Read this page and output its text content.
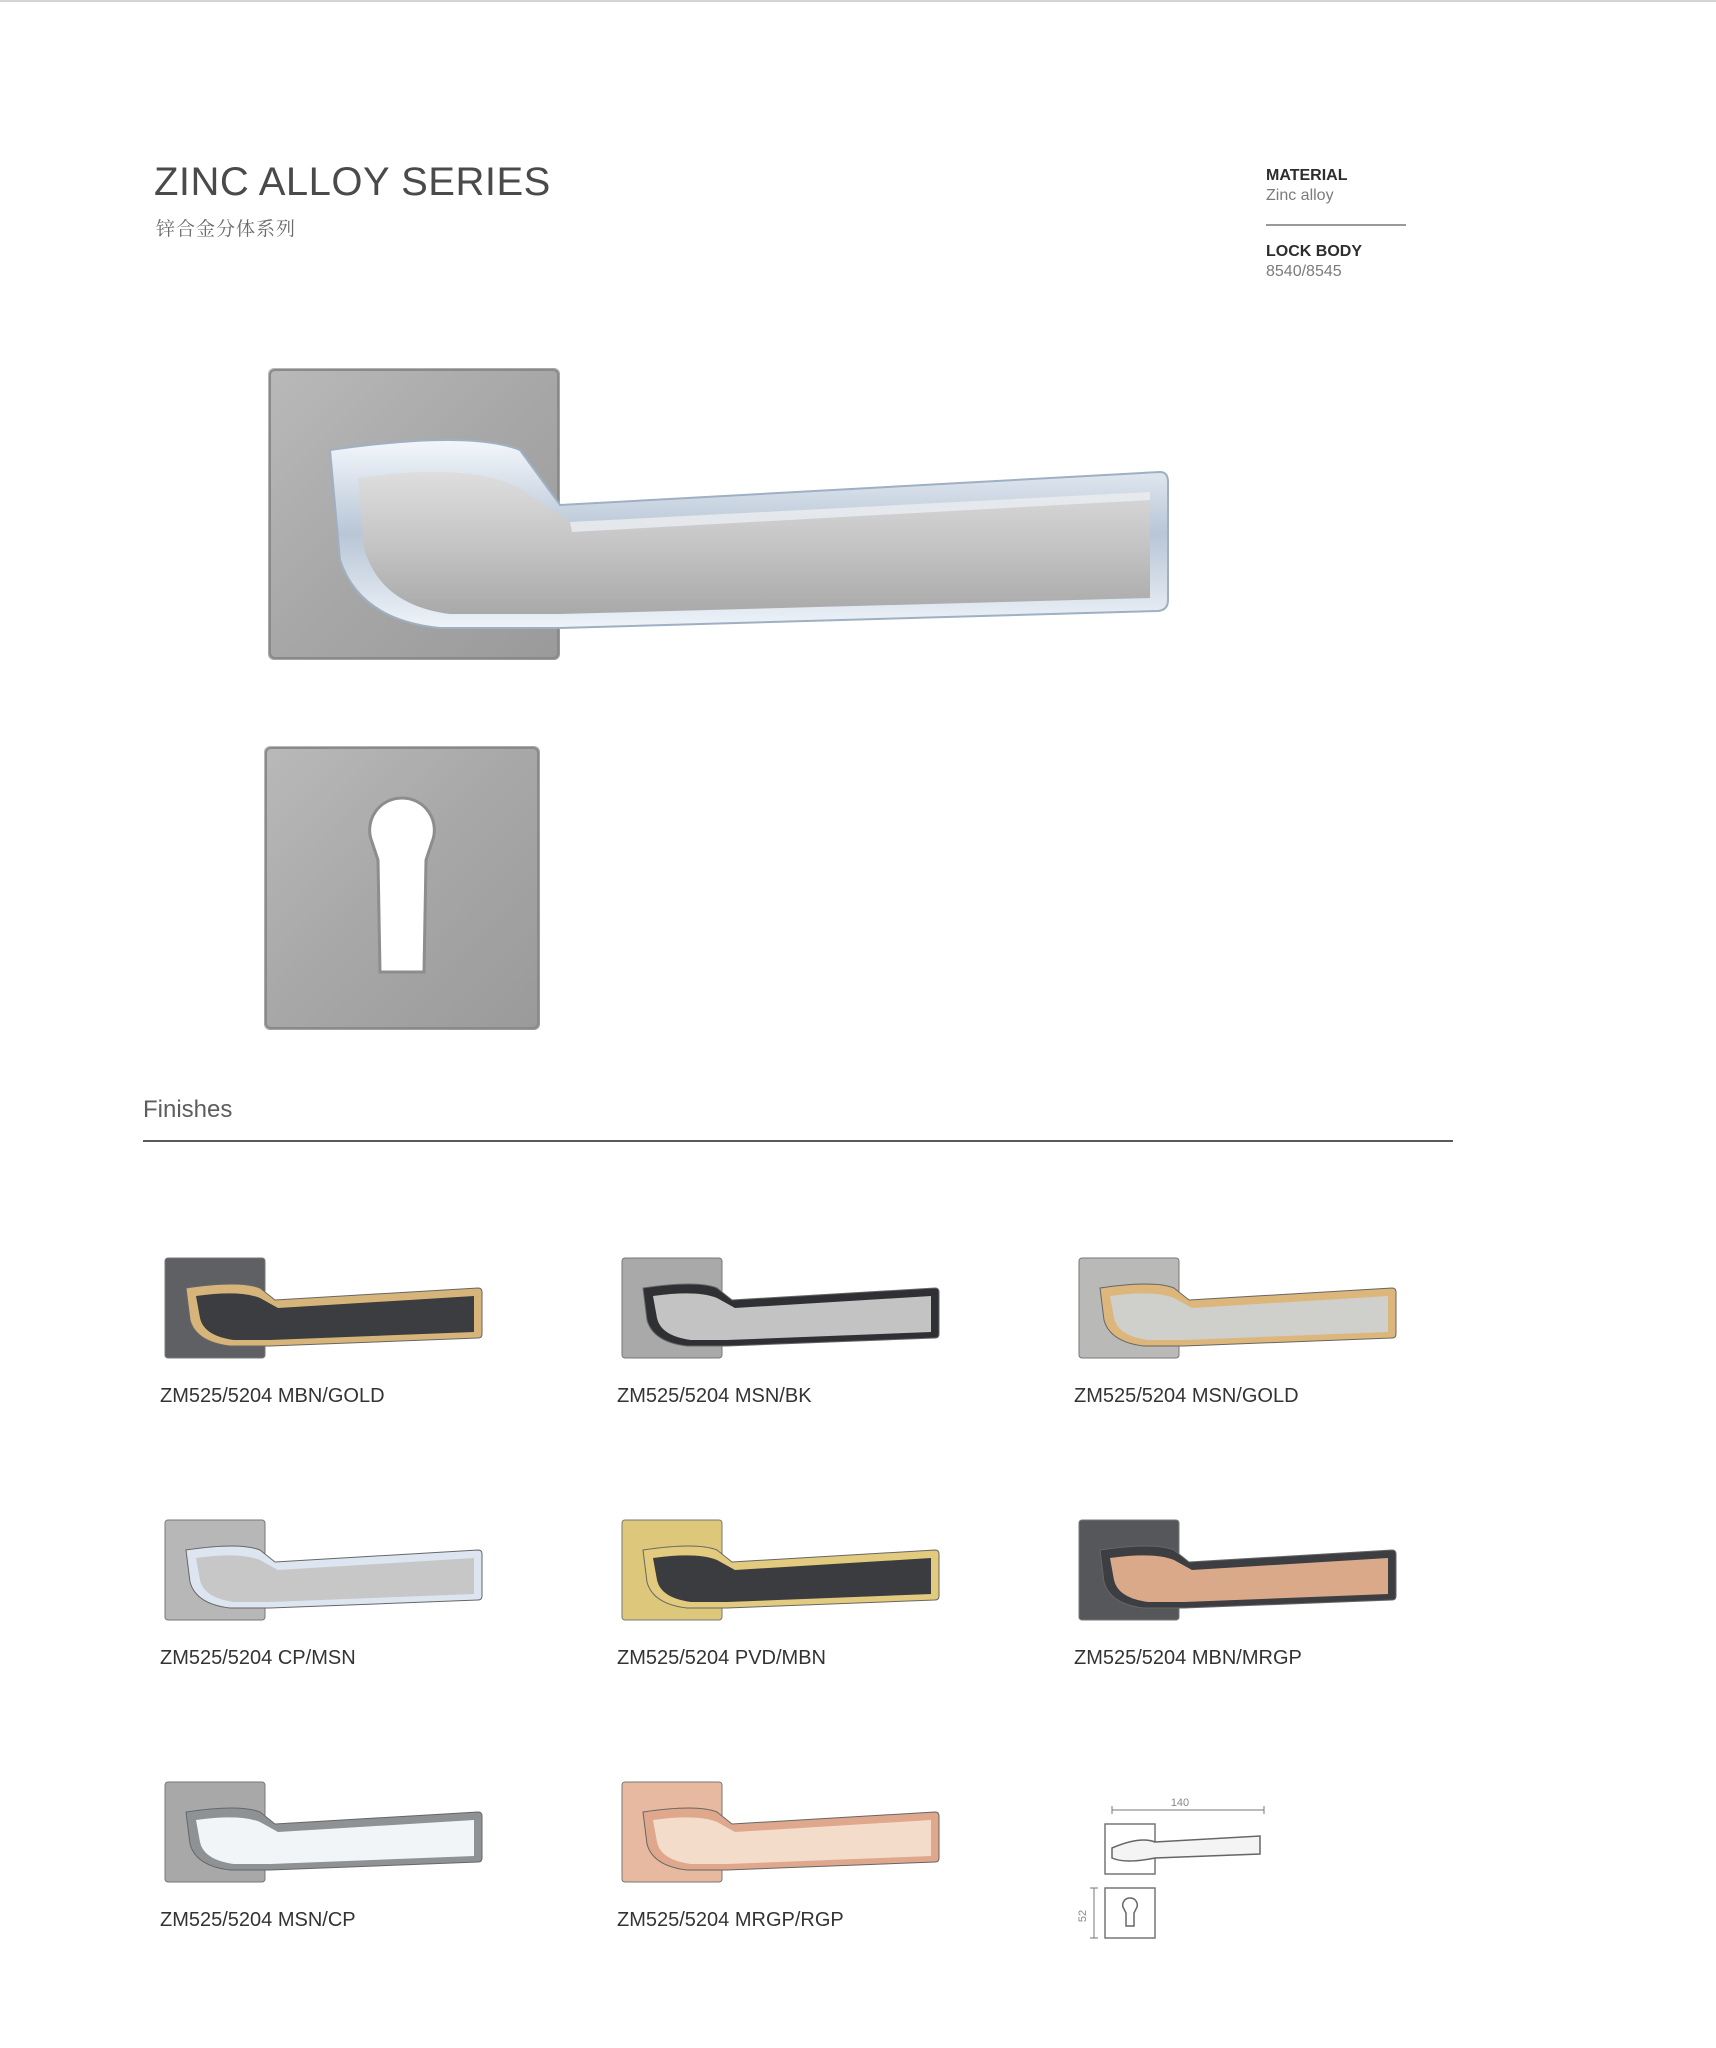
ZINC ALLOY SERIES
锌合金分体系列
MATERIAL
Zinc alloy
LOCK BODY
8540/8545
Finishes
ZM525/5204 MBN/GOLD	ZM525/5204 MSN/BK	ZM525/5204 MSN/GOLD
ZM525/5204 CP/MSN	ZM525/5204 PVD/MBN	ZM525/5204 MBN/MRGP
ZM525/5204 MSN/CP	ZM525/5204 MRGP/RGP
140
52
